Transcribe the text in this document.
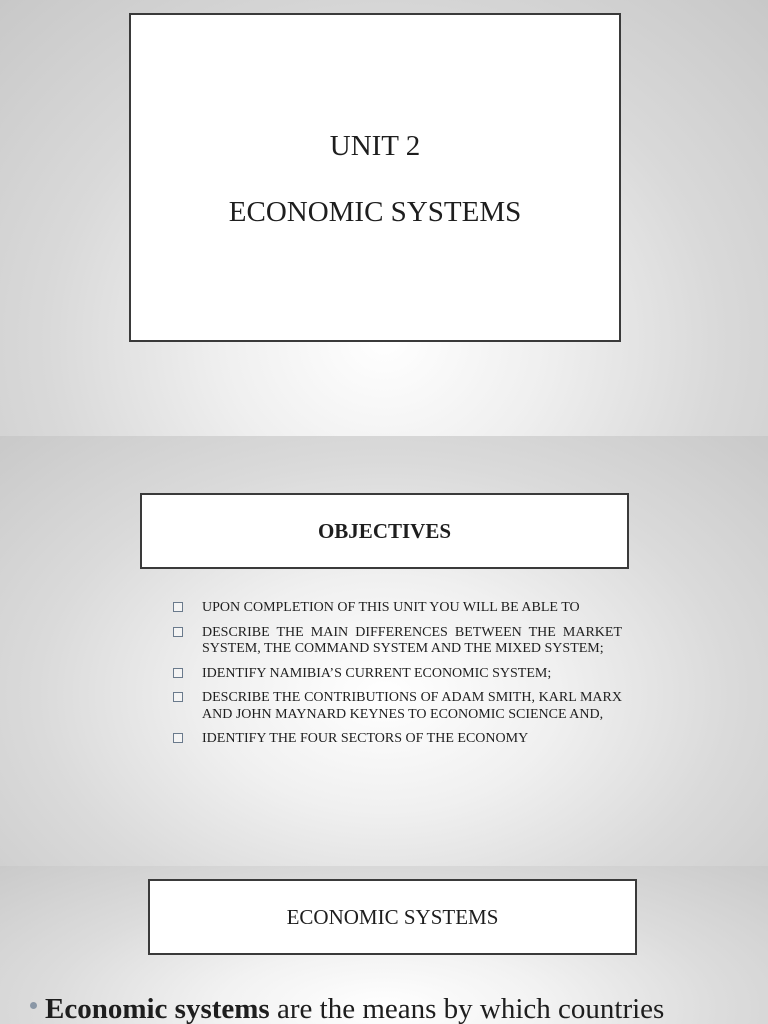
UNIT 2
ECONOMIC SYSTEMS
OBJECTIVES
UPON COMPLETION OF THIS UNIT YOU WILL BE ABLE TO
DESCRIBE THE MAIN DIFFERENCES BETWEEN THE MARKET SYSTEM, THE COMMAND SYSTEM AND THE MIXED SYSTEM;
IDENTIFY NAMIBIA’S CURRENT ECONOMIC SYSTEM;
DESCRIBE THE CONTRIBUTIONS OF ADAM SMITH, KARL MARX AND JOHN MAYNARD KEYNES TO ECONOMIC SCIENCE AND,
IDENTIFY THE FOUR SECTORS OF THE ECONOMY
ECONOMIC SYSTEMS
Economic systems are the means by which countries
